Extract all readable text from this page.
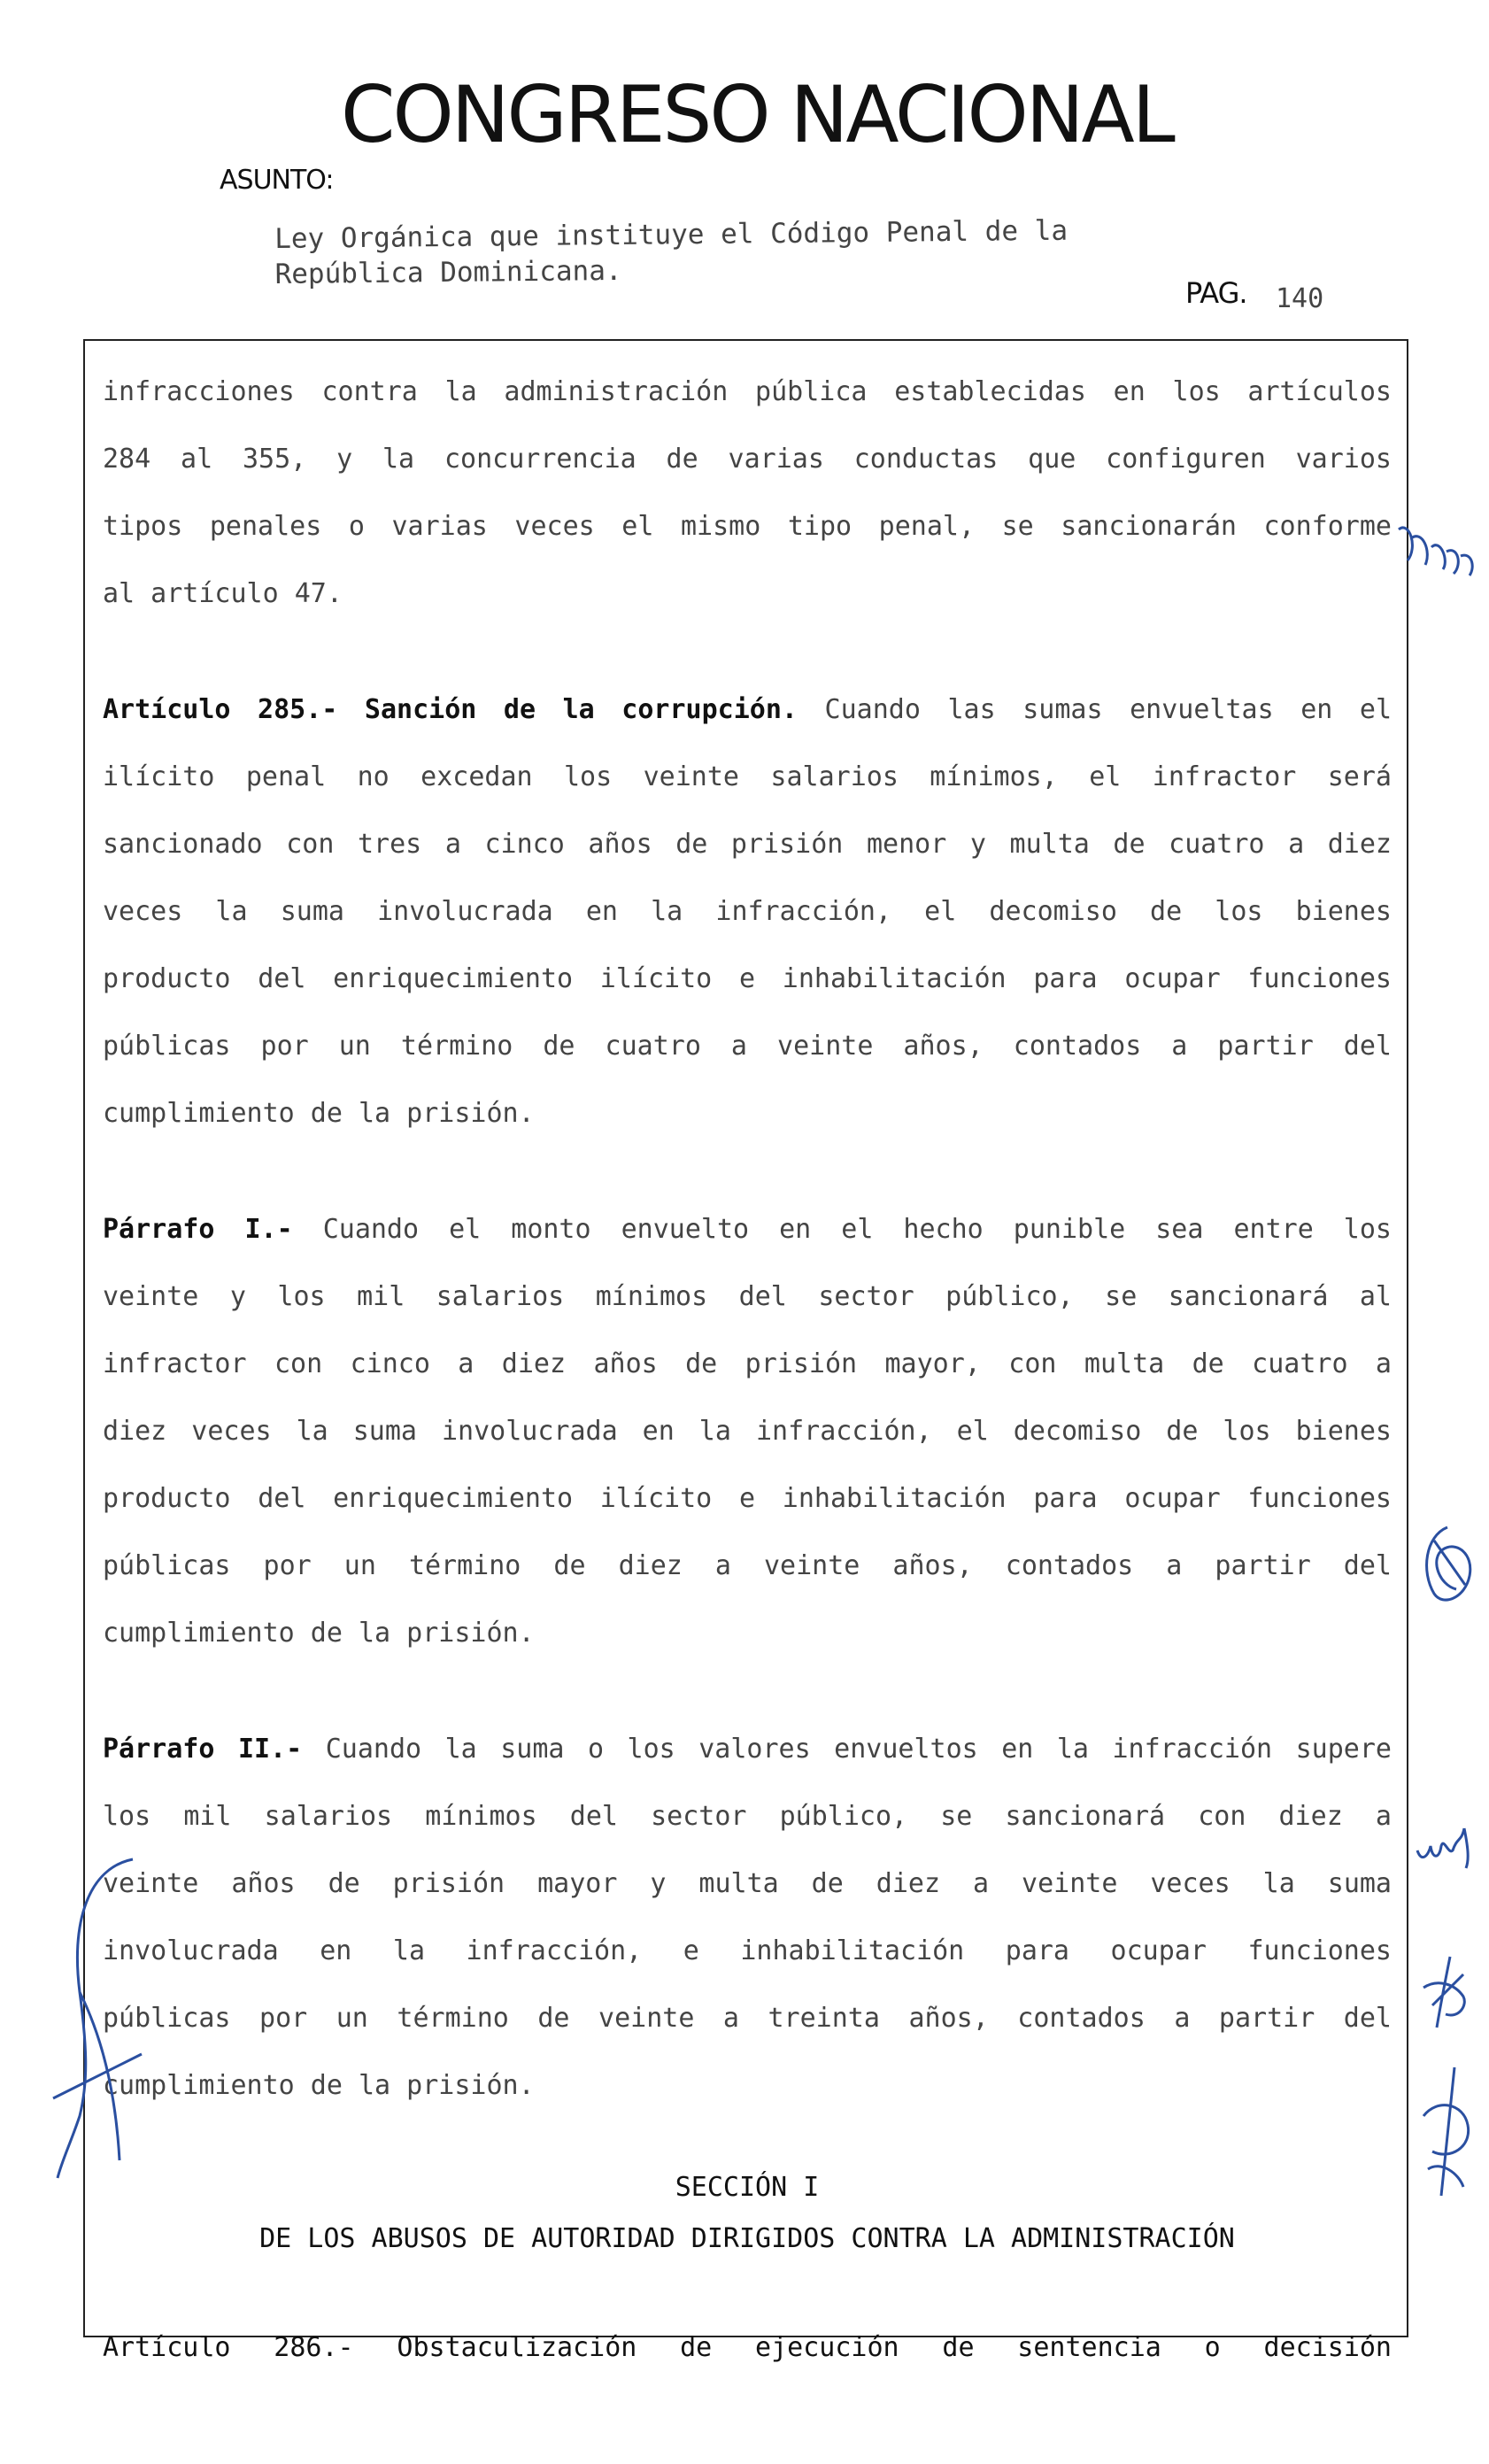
CONGRESO NACIONAL
ASUNTO:
Ley Orgánica que instituye el Código Penal de la
República Dominicana.
PAG. 140
infracciones contra la administración pública establecidas en los artículos
284 al 355, y la concurrencia de varias conductas que configuren varios
tipos penales o varias veces el mismo tipo penal, se sancionarán conforme
al artículo 47.
Artículo 285.- Sanción de la corrupción. Cuando las sumas envueltas en el
ilícito penal no excedan los veinte salarios mínimos, el infractor será
sancionado con tres a cinco años de prisión menor y multa de cuatro a diez
veces la suma involucrada en la infracción, el decomiso de los bienes
producto del enriquecimiento ilícito e inhabilitación para ocupar funciones
públicas por un término de cuatro a veinte años, contados a partir del
cumplimiento de la prisión.
Párrafo I.- Cuando el monto envuelto en el hecho punible sea entre los
veinte y los mil salarios mínimos del sector público, se sancionará al
infractor con cinco a diez años de prisión mayor, con multa de cuatro a
diez veces la suma involucrada en la infracción, el decomiso de los bienes
producto del enriquecimiento ilícito e inhabilitación para ocupar funciones
públicas por un término de diez a veinte años, contados a partir del
cumplimiento de la prisión.
Párrafo II.- Cuando la suma o los valores envueltos en la infracción supere
los mil salarios mínimos del sector público, se sancionará con diez a
veinte años de prisión mayor y multa de diez a veinte veces la suma
involucrada en la infracción, e inhabilitación para ocupar funciones
públicas por un término de veinte a treinta años, contados a partir del
cumplimiento de la prisión.
SECCIÓN I
DE LOS ABUSOS DE AUTORIDAD DIRIGIDOS CONTRA LA ADMINISTRACIÓN
Artículo 286.- Obstaculización de ejecución de sentencia o decisión
